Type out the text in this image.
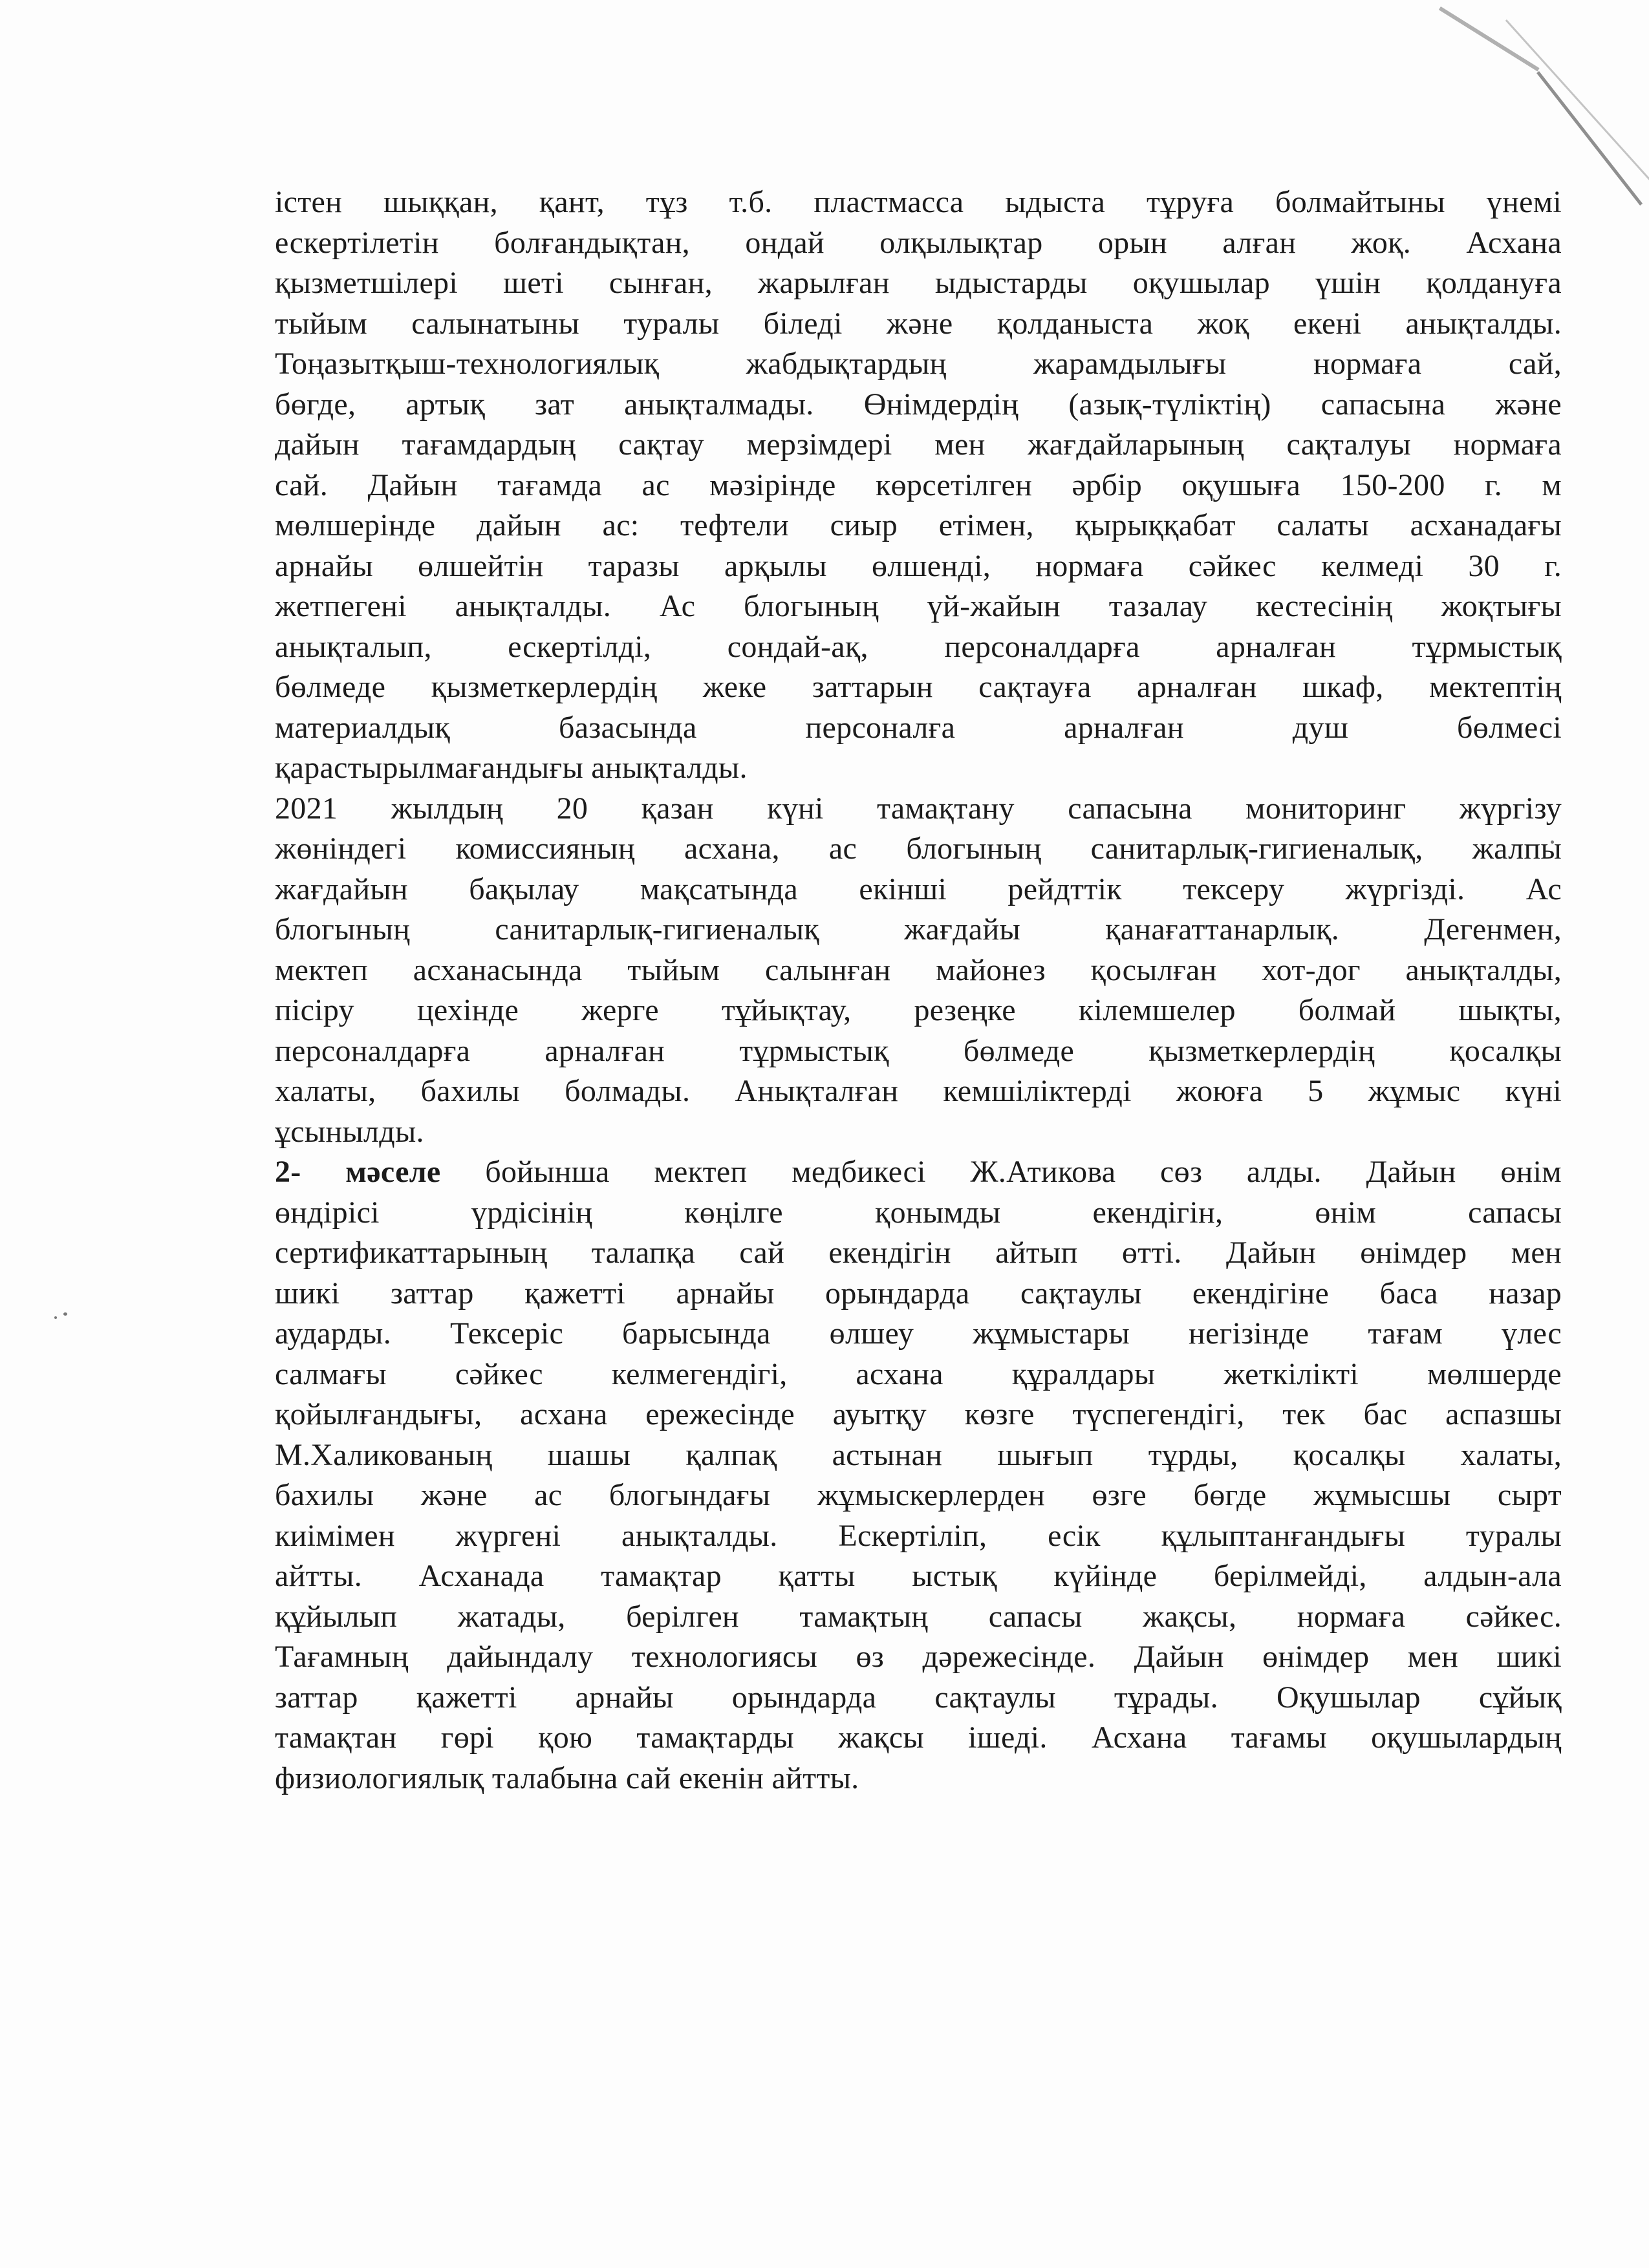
істен шыққан, қант, тұз т.б. пластмасса ыдыста тұруға болмайтыны үнемі
ескертілетін болғандықтан, ондай олқылықтар орын алған жоқ. Асхана
қызметшілері шеті сынған, жарылған ыдыстарды оқушылар үшін қолдануға
тыйым салынатыны туралы біледі және қолданыста жоқ екені анықталды.
Тоңазытқыш-технологиялық жабдықтардың жарамдылығы нормаға сай,
бөгде, артық зат анықталмады. Өнімдердің (азық-түліктің) сапасына және
дайын тағамдардың сақтау мерзімдері мен жағдайларының сақталуы нормаға
сай. Дайын тағамда ас мәзірінде көрсетілген әрбір оқушыға 150-200 г. м
мөлшерінде дайын ас: тефтели сиыр етімен, қырыққабат салаты асханадағы
арнайы өлшейтін таразы арқылы өлшенді, нормаға сәйкес келмеді 30 г.
жетпегені анықталды. Ас блогының үй-жайын тазалау кестесінің жоқтығы
анықталып, ескертілді, сондай-ақ, персоналдарға арналған тұрмыстық
бөлмеде қызметкерлердің жеке заттарын сақтауға арналған шкаф, мектептің
материалдық базасында персоналға арналған душ бөлмесі
қарастырылмағандығы анықталды.

2021 жылдың 20 қазан күні тамақтану сапасына мониторинг жүргізу
жөніндегі комиссияның асхана, ас блогының санитарлық-гигиеналық, жалпы
жағдайын бақылау мақсатында екінші рейдттік тексеру жүргізді. Ас
блогының санитарлық-гигиеналық жағдайы қанағаттанарлық. Дегенмен,
мектеп асханасында тыйым салынған майонез қосылған хот-дог анықталды,
пісіру цехінде жерге тұйықтау, резеңке кілемшелер болмай шықты,
персоналдарға арналған тұрмыстық бөлмеде қызметкерлердің қосалқы
халаты, бахилы болмады. Анықталған кемшіліктерді жоюға 5 жұмыс күні
ұсынылды.

2- мәселе бойынша мектеп медбикесі Ж.Атикова сөз алды. Дайын өнім
өндірісі үрдісінің көңілге қонымды екендігін, өнім сапасы
сертификаттарының талапқа сай екендігін айтып өтті. Дайын өнімдер мен
шикі заттар қажетті арнайы орындарда сақтаулы екендігіне баса назар
аударды. Тексеріс барысында өлшеу жұмыстары негізінде тағам үлес
салмағы сәйкес келмегендігі, асхана құралдары жеткілікті мөлшерде
қойылғандығы, асхана ережесінде ауытқу көзге түспегендігі, тек бас аспазшы
М.Халикованың шашы қалпақ астынан шығып тұрды, қосалқы халаты,
бахилы және ас блогындағы жұмыскерлерден өзге бөгде жұмысшы сырт
киімімен жүргені анықталды. Ескертіліп, есік құлыптанғандығы туралы
айтты. Асханада тамақтар қатты ыстық күйінде берілмейді, алдын-ала
құйылып жатады, берілген тамақтың сапасы жақсы, нормаға сәйкес.
Тағамның дайындалу технологиясы өз дәрежесінде. Дайын өнімдер мен шикі
заттар қажетті арнайы орындарда сақтаулы тұрады. Оқушылар сұйық
тамақтан гөрі қою тамақтарды жақсы ішеді. Асхана тағамы оқушылардың
физиологиялық талабына сай екенін айтты.
